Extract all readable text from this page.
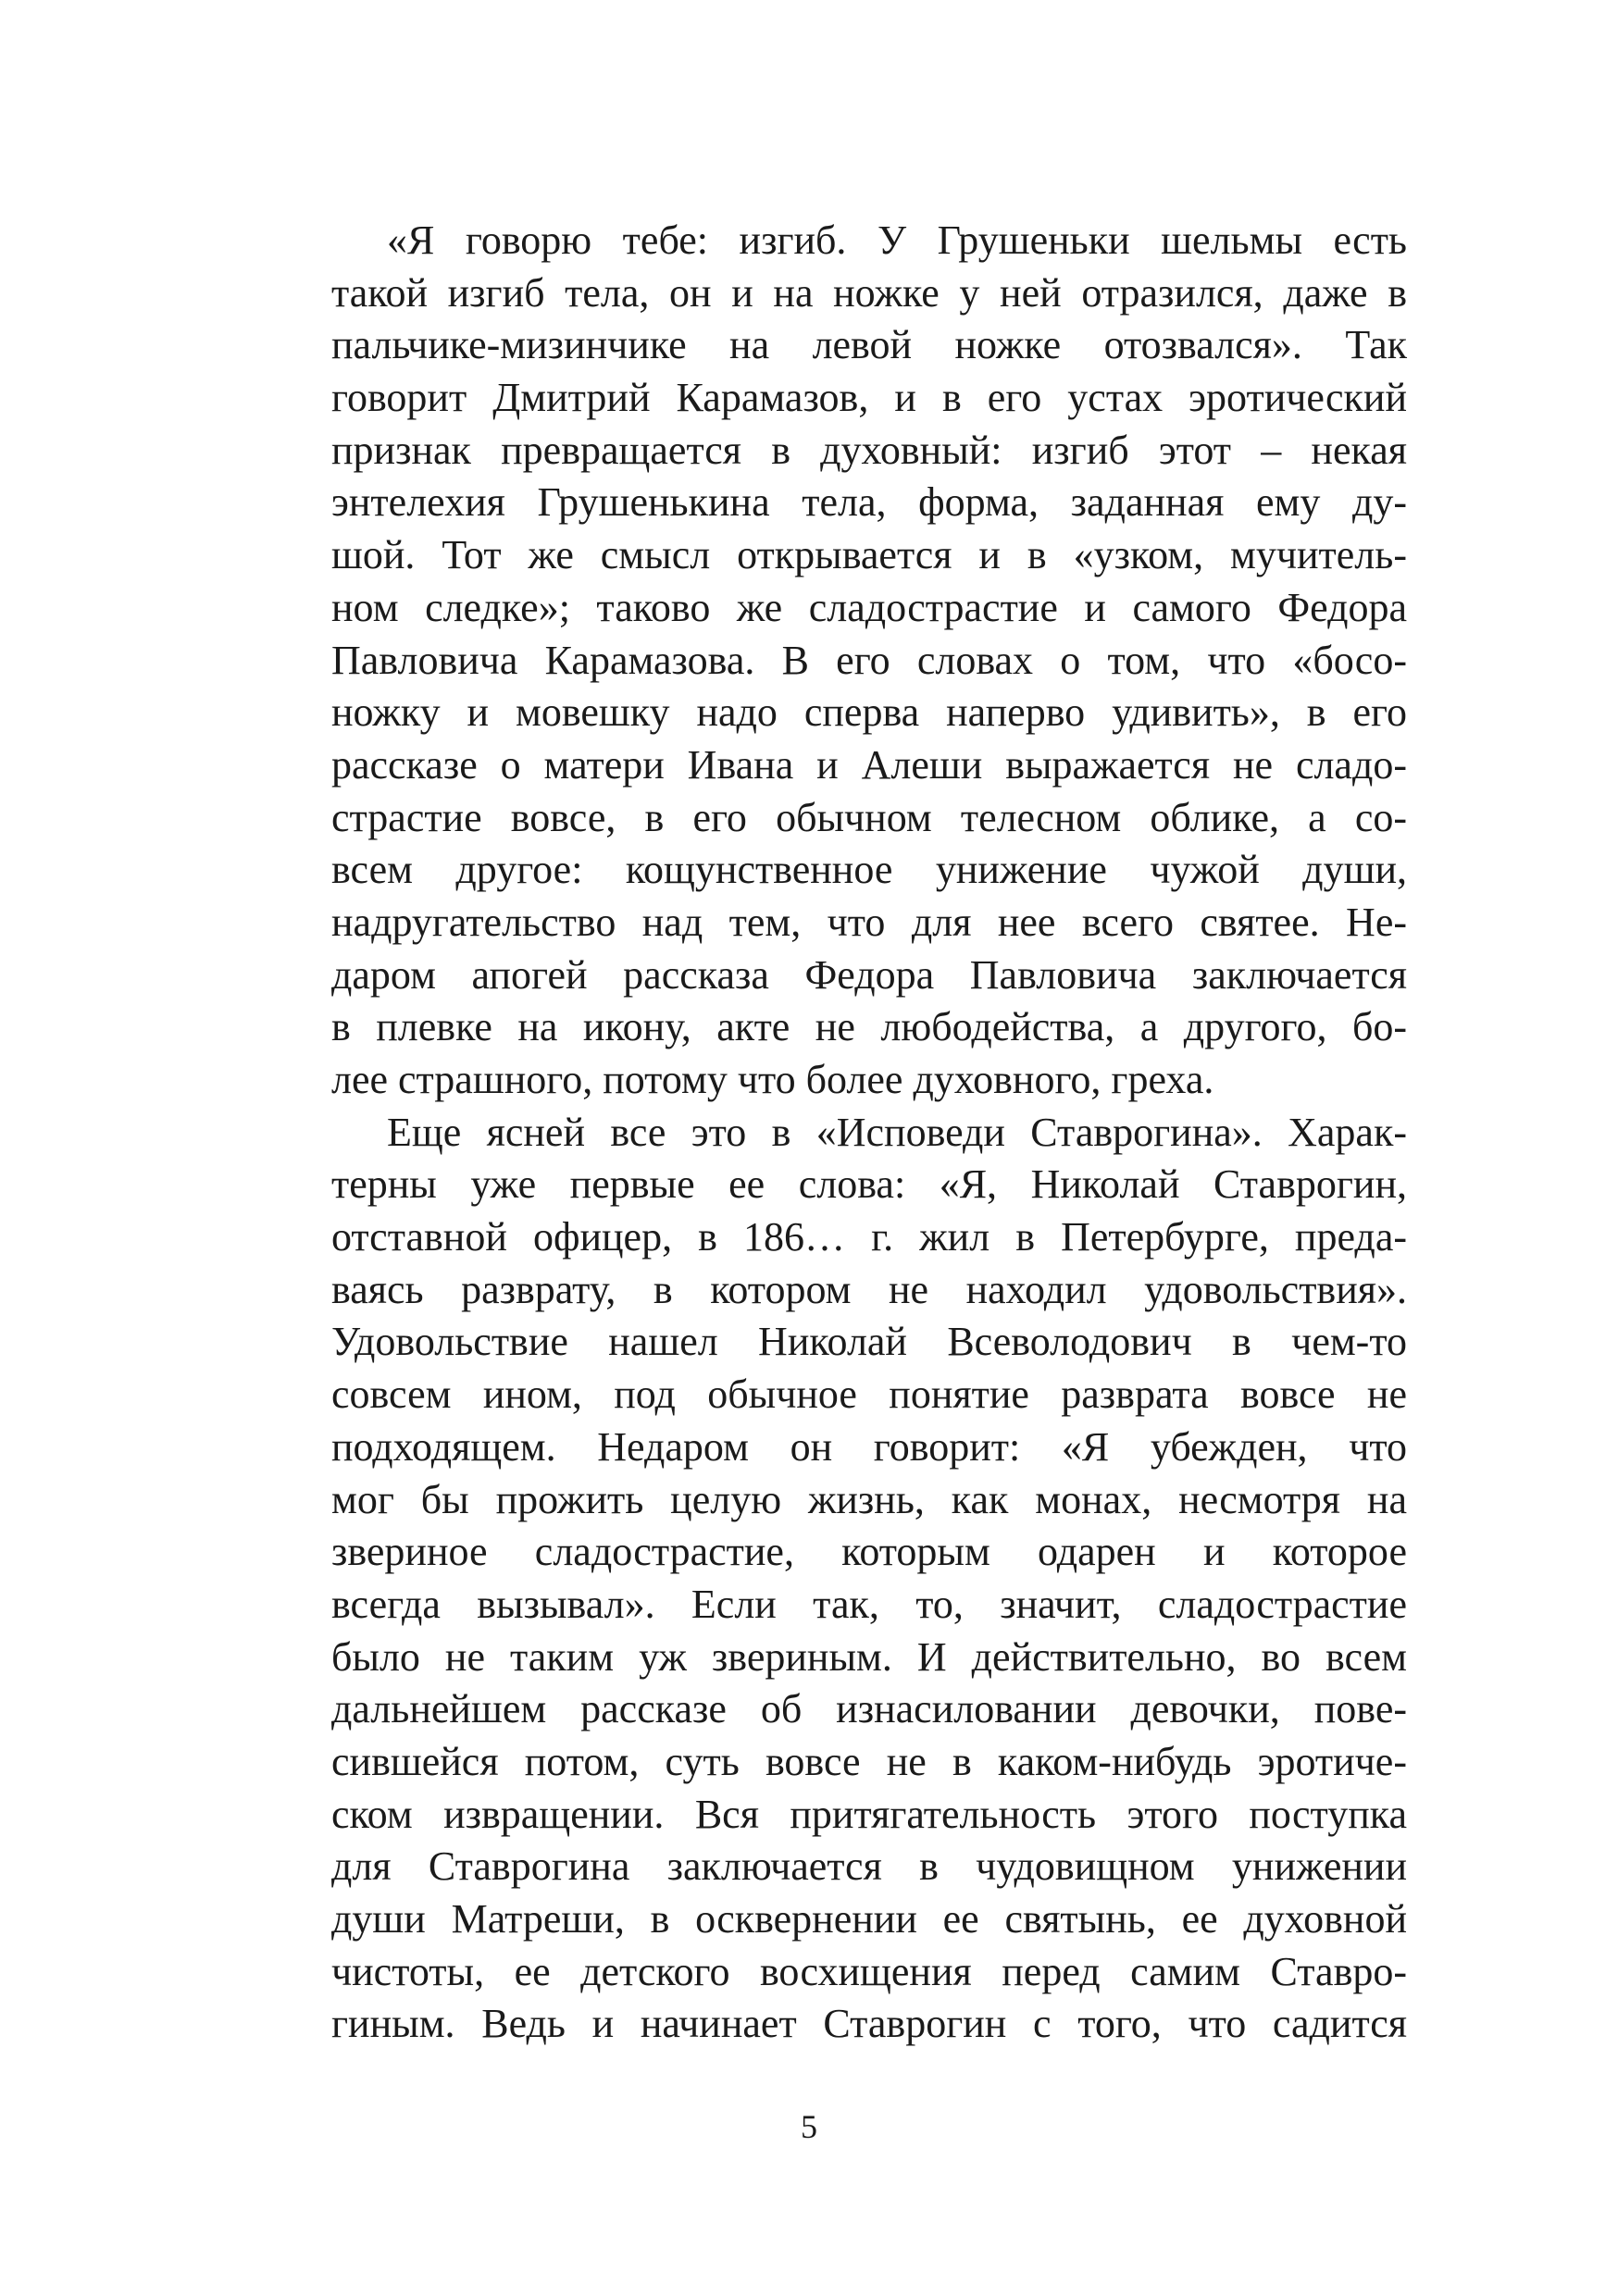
«Я говорю тебе: изгиб. У Грушеньки шельмы есть
такой изгиб тела, он и на ножке у ней отразился, даже в
пальчике-мизинчике на левой ножке отозвался». Так
говорит Дмитрий Карамазов, и в его устах эротический
признак превращается в духовный: изгиб этот – некая
энтелехия Грушенькина тела, форма, заданная ему ду-
шой. Тот же смысл открывается и в «узком, мучитель-
ном следке»; таково же сладострастие и самого Федора
Павловича Карамазова. В его словах о том, что «босо-
ножку и мовешку надо сперва наперво удивить», в его
рассказе о матери Ивана и Алеши выражается не сладо-
страстие вовсе, в его обычном телесном облике, а со-
всем другое: кощунственное унижение чужой души,
надругательство над тем, что для нее всего святее. Не-
даром апогей рассказа Федора Павловича заключается
в плевке на икону, акте не любодейства, а другого, бо-
лее страшного, потому что более духовного, греха.
Еще ясней все это в «Исповеди Ставрогина». Харак-
терны уже первые ее слова: «Я, Николай Ставрогин,
отставной офицер, в 186… г. жил в Петербурге, преда-
ваясь разврату, в котором не находил удовольствия».
Удовольствие нашел Николай Всеволодович в чем-то
совсем ином, под обычное понятие разврата вовсе не
подходящем. Недаром он говорит: «Я убежден, что
мог бы прожить целую жизнь, как монах, несмотря на
звериное сладострастие, которым одарен и которое
всегда вызывал». Если так, то, значит, сладострастие
было не таким уж звериным. И действительно, во всем
дальнейшем рассказе об изнасиловании девочки, пове-
сившейся потом, суть вовсе не в каком-нибудь эротиче-
ском извращении. Вся притягательность этого поступка
для Ставрогина заключается в чудовищном унижении
души Матреши, в осквернении ее святынь, ее духовной
чистоты, ее детского восхищения перед самим Ставро-
гиным. Ведь и начинает Ставрогин с того, что садится
5
